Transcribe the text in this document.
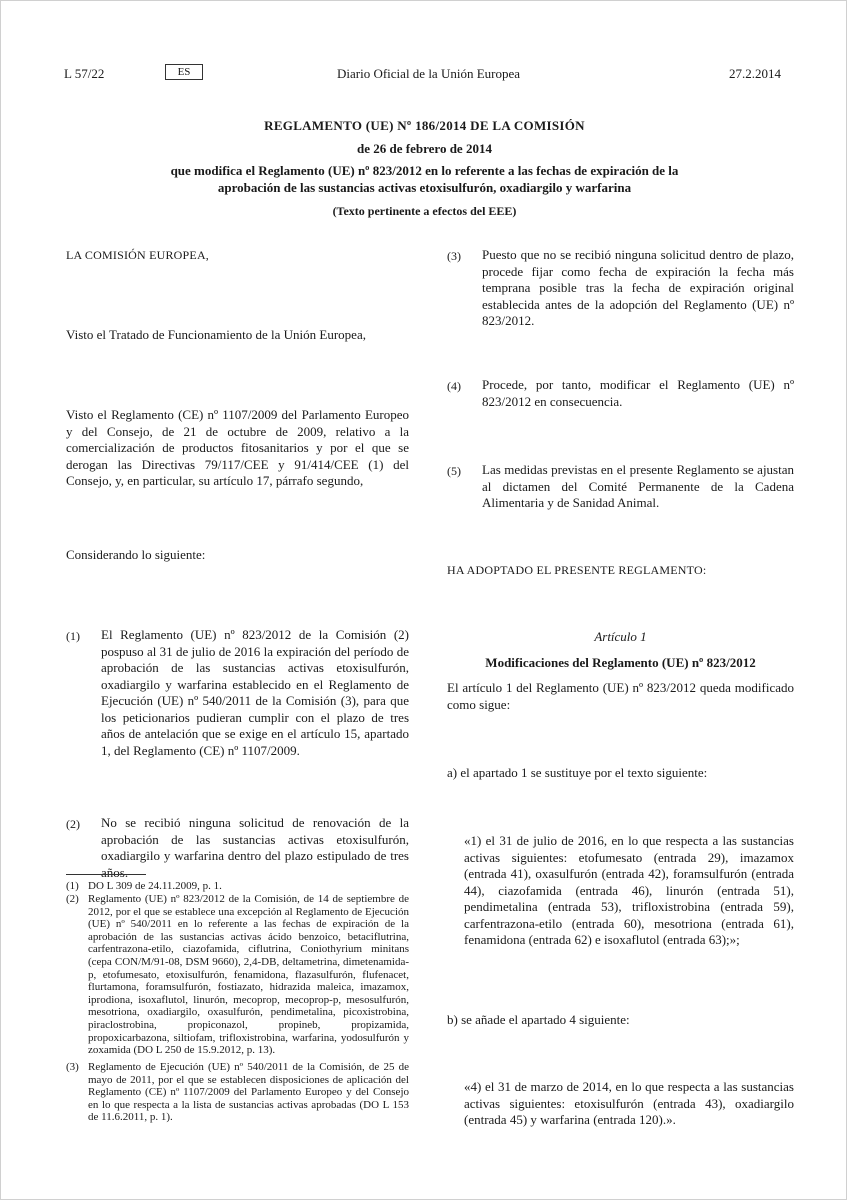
L 57/22	ES	Diario Oficial de la Unión Europea	27.2.2014
REGLAMENTO (UE) Nº 186/2014 DE LA COMISIÓN
de 26 de febrero de 2014
que modifica el Reglamento (UE) nº 823/2012 en lo referente a las fechas de expiración de la
aprobación de las sustancias activas etoxisulfurón, oxadiargilo y warfarina
(Texto pertinente a efectos del EEE)
LA COMISIÓN EUROPEA,
Visto el Tratado de Funcionamiento de la Unión Europea,
Visto el Reglamento (CE) nº 1107/2009 del Parlamento Europeo y del Consejo, de 21 de octubre de 2009, relativo a la comercialización de productos fitosanitarios y por el que se derogan las Directivas 79/117/CEE y 91/414/CEE (1) del Consejo, y, en particular, su artículo 17, párrafo segundo,
Considerando lo siguiente:
(1) El Reglamento (UE) nº 823/2012 de la Comisión (2) pospuso al 31 de julio de 2016 la expiración del período de aprobación de las sustancias activas etoxisulfurón, oxadiargilo y warfarina establecido en el Reglamento de Ejecución (UE) nº 540/2011 de la Comisión (3), para que los peticionarios pudieran cumplir con el plazo de tres años de antelación que se exige en el artículo 15, apartado 1, del Reglamento (CE) nº 1107/2009.
(2) No se recibió ninguna solicitud de renovación de la aprobación de las sustancias activas etoxisulfurón, oxadiargilo y warfarina dentro del plazo estipulado de tres años.
(1) DO L 309 de 24.11.2009, p. 1.
(2) Reglamento (UE) nº 823/2012 de la Comisión, de 14 de septiembre de 2012, por el que se establece una excepción al Reglamento de Ejecución (UE) nº 540/2011 en lo referente a las fechas de expiración de la aprobación de las sustancias activas ácido benzoico, betaciflutrina, carfentrazona-etilo, ciazofamida, ciflutrina, Coniothyrium minitans (cepa CON/M/91-08, DSM 9660), 2,4-DB, deltametrina, dimetenamida-p, etofumesato, etoxisulfurón, fenamidona, flazasulfurón, flufenacet, flurtamona, foramsulfurón, fostiazato, hidrazida maleica, imazamox, iprodiona, isoxaflutol, linurón, mecoprop, mecoprop-p, mesosulfurón, mesotriona, oxadiargilo, oxasulfurón, pendimetalina, picoxistrobina, piraclostrobina, propiconazol, propineb, propizamida, propoxicarbazona, siltiofam, trifloxistrobina, warfarina, yodosulfurón y zoxamida (DO L 250 de 15.9.2012, p. 13).
(3) Reglamento de Ejecución (UE) nº 540/2011 de la Comisión, de 25 de mayo de 2011, por el que se establecen disposiciones de aplicación del Reglamento (CE) nº 1107/2009 del Parlamento Europeo y del Consejo en lo que respecta a la lista de sustancias activas aprobadas (DO L 153 de 11.6.2011, p. 1).
(3) Puesto que no se recibió ninguna solicitud dentro de plazo, procede fijar como fecha de expiración la fecha más temprana posible tras la fecha de expiración original establecida antes de la adopción del Reglamento (UE) nº 823/2012.
(4) Procede, por tanto, modificar el Reglamento (UE) nº 823/2012 en consecuencia.
(5) Las medidas previstas en el presente Reglamento se ajustan al dictamen del Comité Permanente de la Cadena Alimentaria y de Sanidad Animal.
HA ADOPTADO EL PRESENTE REGLAMENTO:
Artículo 1
Modificaciones del Reglamento (UE) nº 823/2012
El artículo 1 del Reglamento (UE) nº 823/2012 queda modificado como sigue:
a) el apartado 1 se sustituye por el texto siguiente:
«1) el 31 de julio de 2016, en lo que respecta a las sustancias activas siguientes: etofumesato (entrada 29), imazamox (entrada 41), oxasulfurón (entrada 42), foramsulfurón (entrada 44), ciazofamida (entrada 46), linurón (entrada 51), pendimetalina (entrada 53), trifloxistrobina (entrada 59), carfentrazona-etilo (entrada 60), mesotriona (entrada 61), fenamidona (entrada 62) e isoxaflutol (entrada 63);»;
b) se añade el apartado 4 siguiente:
«4) el 31 de marzo de 2014, en lo que respecta a las sustancias activas siguientes: etoxisulfurón (entrada 43), oxadiargilo (entrada 45) y warfarina (entrada 120).».
